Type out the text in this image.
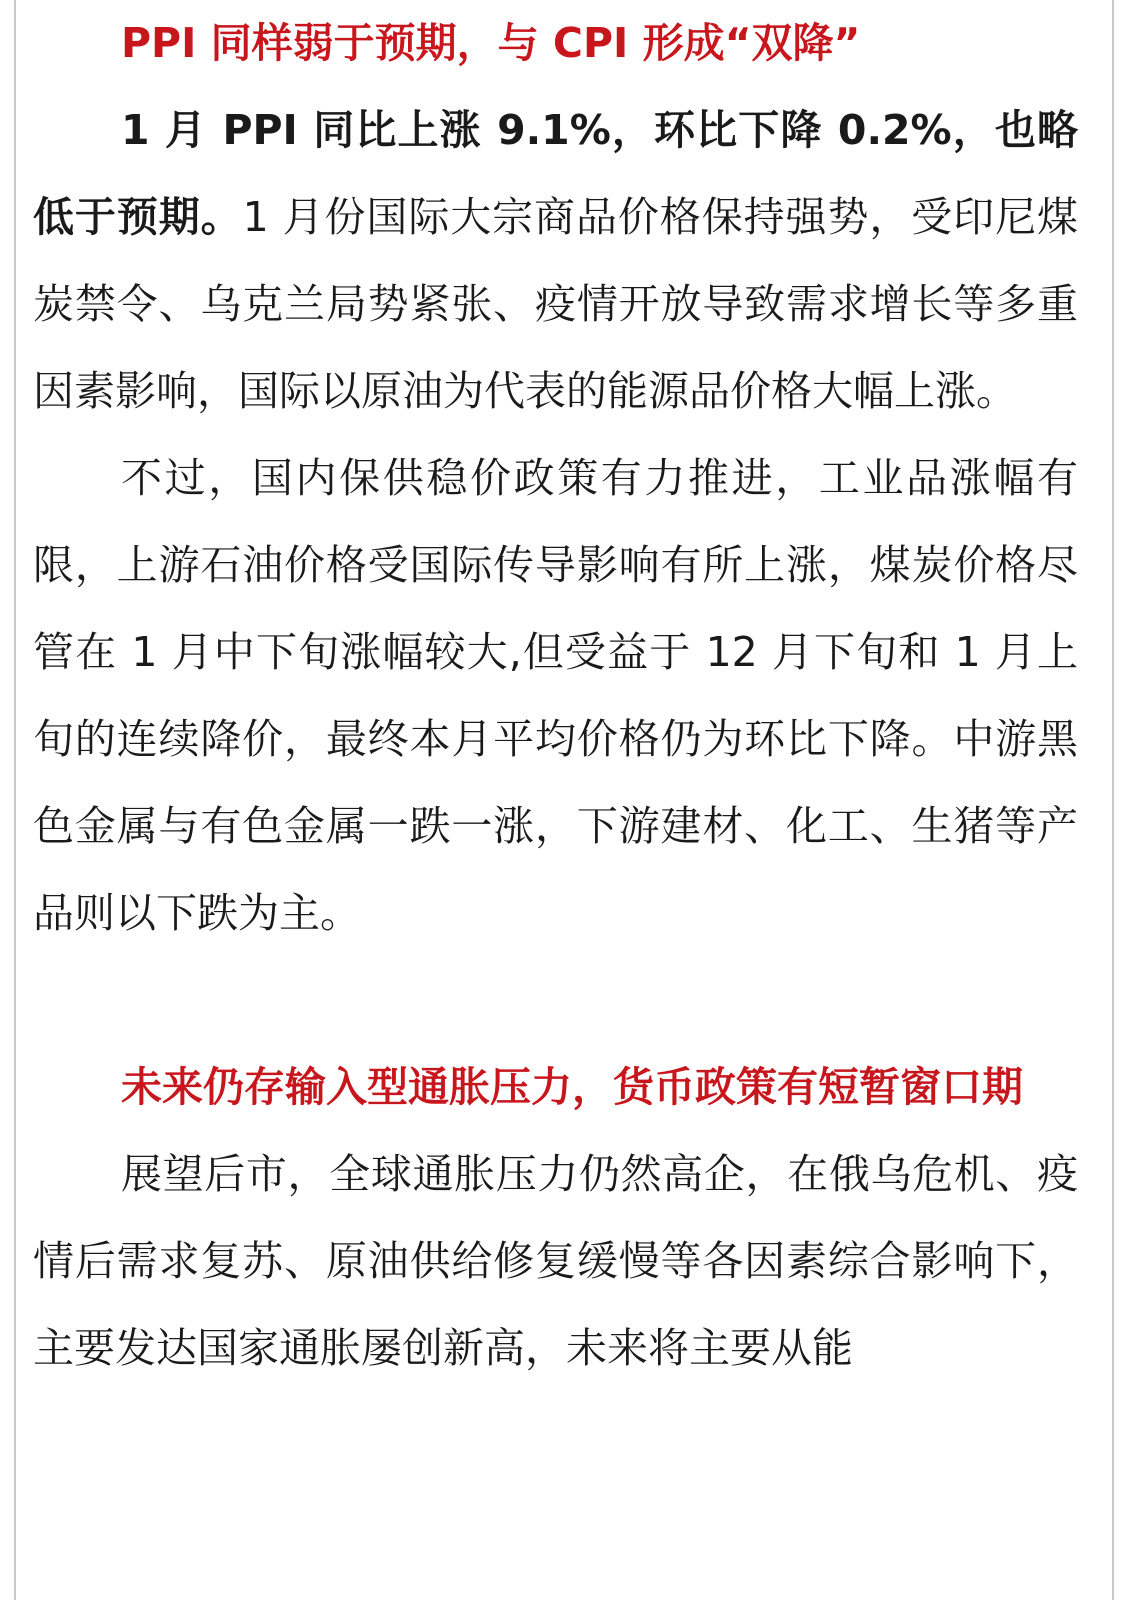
PPI 同样弱于预期，与 CPI 形成“双降”

1 月 PPI 同比上涨 9.1%，环比下降 0.2%，也略低于预期。1 月份国际大宗商品价格保持强势，受印尼煤炭禁令、乌克兰局势紧张、疫情开放导致需求增长等多重因素影响，国际以原油为代表的能源品价格大幅上涨。

不过，国内保供稳价政策有力推进，工业品涨幅有限，上游石油价格受国际传导影响有所上涨，煤炭价格尽管在 1 月中下旬涨幅较大,但受益于 12 月下旬和 1 月上旬的连续降价，最终本月平均价格仍为环比下降。中游黑色金属与有色金属一跌一涨，下游建材、化工、生猪等产品则以下跌为主。

未来仍存输入型通胀压力，货币政策有短暂窗口期

展望后市，全球通胀压力仍然高企，在俄乌危机、疫情后需求复苏、原油供给修复缓慢等各因素综合影响下，主要发达国家通胀屡创新高，未来将主要从能
